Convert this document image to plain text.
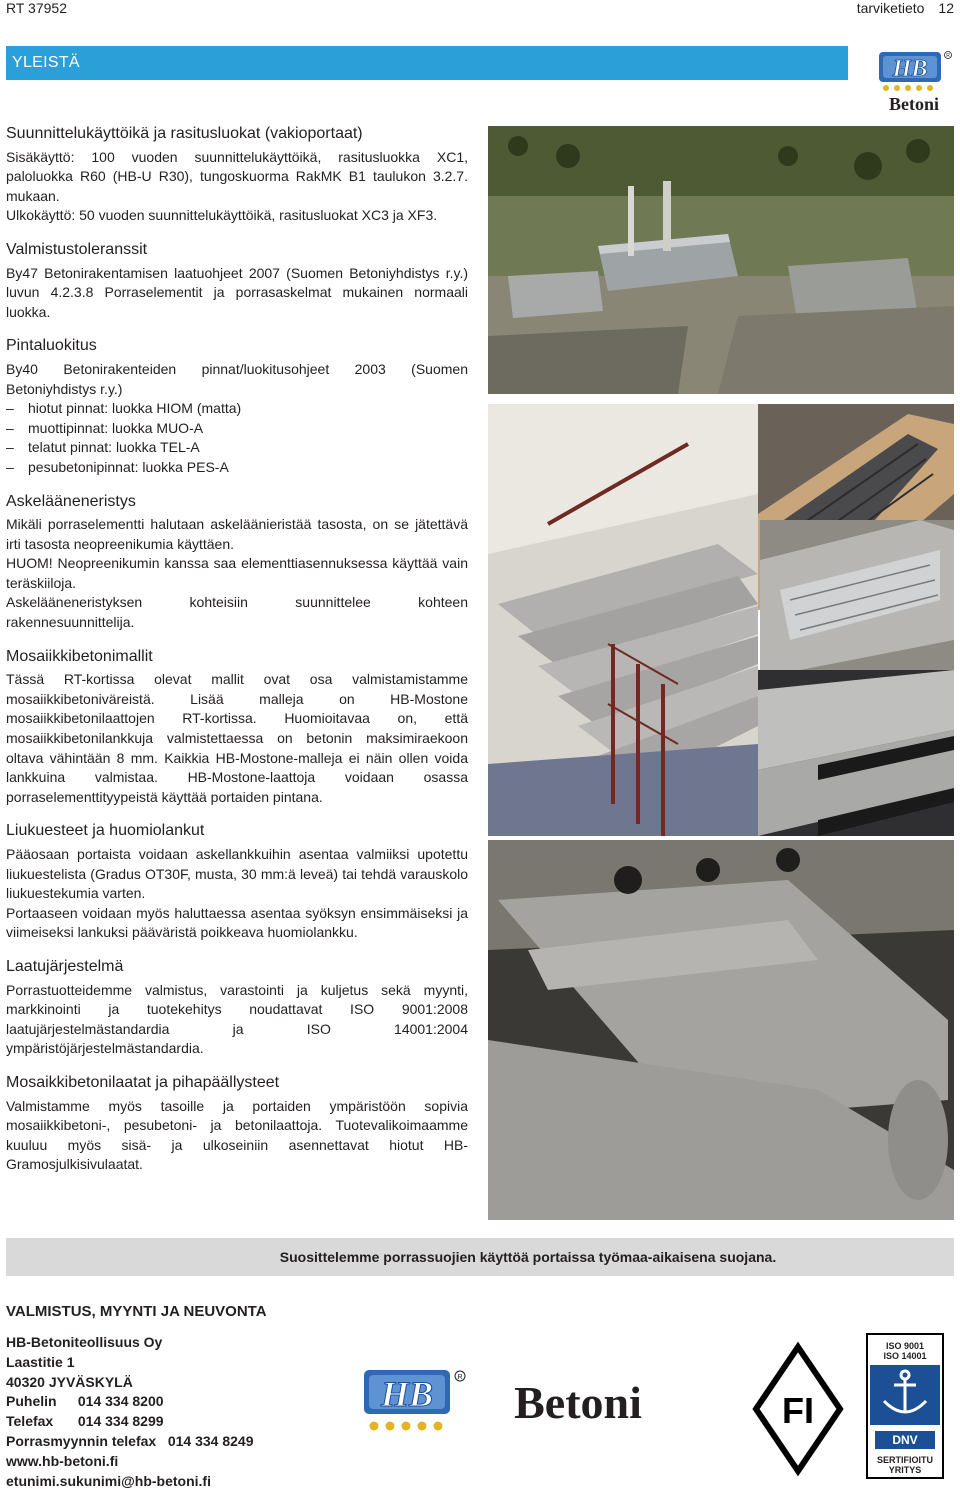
RT 37952	tarviketieto 12
YLEISTÄ	HB	R
Betoni
Suunnittelukäyttöikä ja rasitusluokat (vakioportaat)

Sisäkäyttö: 100 vuoden suunnittelukäyttöikä, rasitusluokka XC1, paloluokka R60 (HB-U R30), tungoskuorma RakMK B1 taulukon 3.2.7. mukaan.

Ulkokäyttö: 50 vuoden suunnittelukäyttöikä, rasitusluokat XC3 ja XF3.

Valmistustoleranssit

By47 Betonirakentamisen laatuohjeet 2007 (Suomen Betoniyhdistys r.y.) luvun 4.2.3.8 Porraselementit ja porrasaskelmat mukainen normaali luokka.

Pintaluokitus

By40 Betonirakenteiden pinnat/luokitusohjeet 2003 (Suomen Betoniyhdistys r.y.)

– hiotut pinnat: luokka HIOM (matta)
– muottipinnat: luokka MUO-A
– telatut pinnat: luokka TEL-A
– pesubetonipinnat: luokka PES-A
Askelääneneristys

Mikäli porraselementti halutaan askeläänieristää tasosta, on se jätettävä irti tasosta neopreenikumia käyttäen.

HUOM! Neopreenikumin kanssa saa elementtiasennuksessa käyttää vain teräskiiloja.

Askelääneneristyksen kohteisiin suunnittelee kohteen rakennesuunnittelija.

Mosaiikkibetonimallit

Tässä RT-kortissa olevat mallit ovat osa valmistamistamme mosaiikkibetoniväreistä. Lisää malleja on HB-Mostone mosaiikkibetonilaattojen RT-kortissa. Huomioitavaa on, että mosaiikkibetonilankkuja valmistettaessa on betonin maksimiraekoon oltava vähintään 8 mm. Kaikkia HB-Mostone-malleja ei näin ollen voida lankkuina valmistaa. HB-Mostone-laattoja voidaan osassa porraselementtityypeistä käyttää portaiden pintana.

Liukuesteet ja huomiolankut

Pääosaan portaista voidaan askellankkuihin asentaa valmiiksi upotettu liukuestelista (Gradus OT30F, musta, 30 mm:ä leveä) tai tehdä varauskolo liukuestekumia varten.

Portaaseen voidaan myös haluttaessa asentaa syöksyn ensimmäiseksi ja viimeiseksi lankuksi pääväristä poikkeava huomiolankku.

Laatujärjestelmä

Porrastuotteidemme valmistus, varastointi ja kuljetus sekä myynti, markkinointi ja tuotekehitys noudattavat ISO 9001:2008 laatujärjestelmästandardia ja ISO 14001:2004 ympäristöjärjestelmästandardia.

Mosaikkibetonilaatat ja pihapäällysteet

Valmistamme myös tasoille ja portaiden ympäristöön sopivia mosaiikkibetoni-, pesubetoni- ja betonilaattoja. Tuotevalikoimaamme kuuluu myös sisä- ja ulkoseiniin asennettavat hiotut HB-Gramosjulkisivulaatat.

Suosittelemme porrassuojien käyttöä portaissa työmaa-aikaisena suojana.
VALMISTUS, MYYNTI JA NEUVONTA
HB-Betoniteollisuus Oy
Laastitie 1
40320 JYVÄSKYLÄ
Puhelin 014 334 8200
Telefax 014 334 8299
Porrasmyynnin telefax 014 334 8249
www.hb-betoni.fi
etunimi.sukunimi@hb-betoni.fi
HB	R Betoni	FI
ISO 9001
ISO 14001
DNV
SERTIFIOITU
YRITYS
